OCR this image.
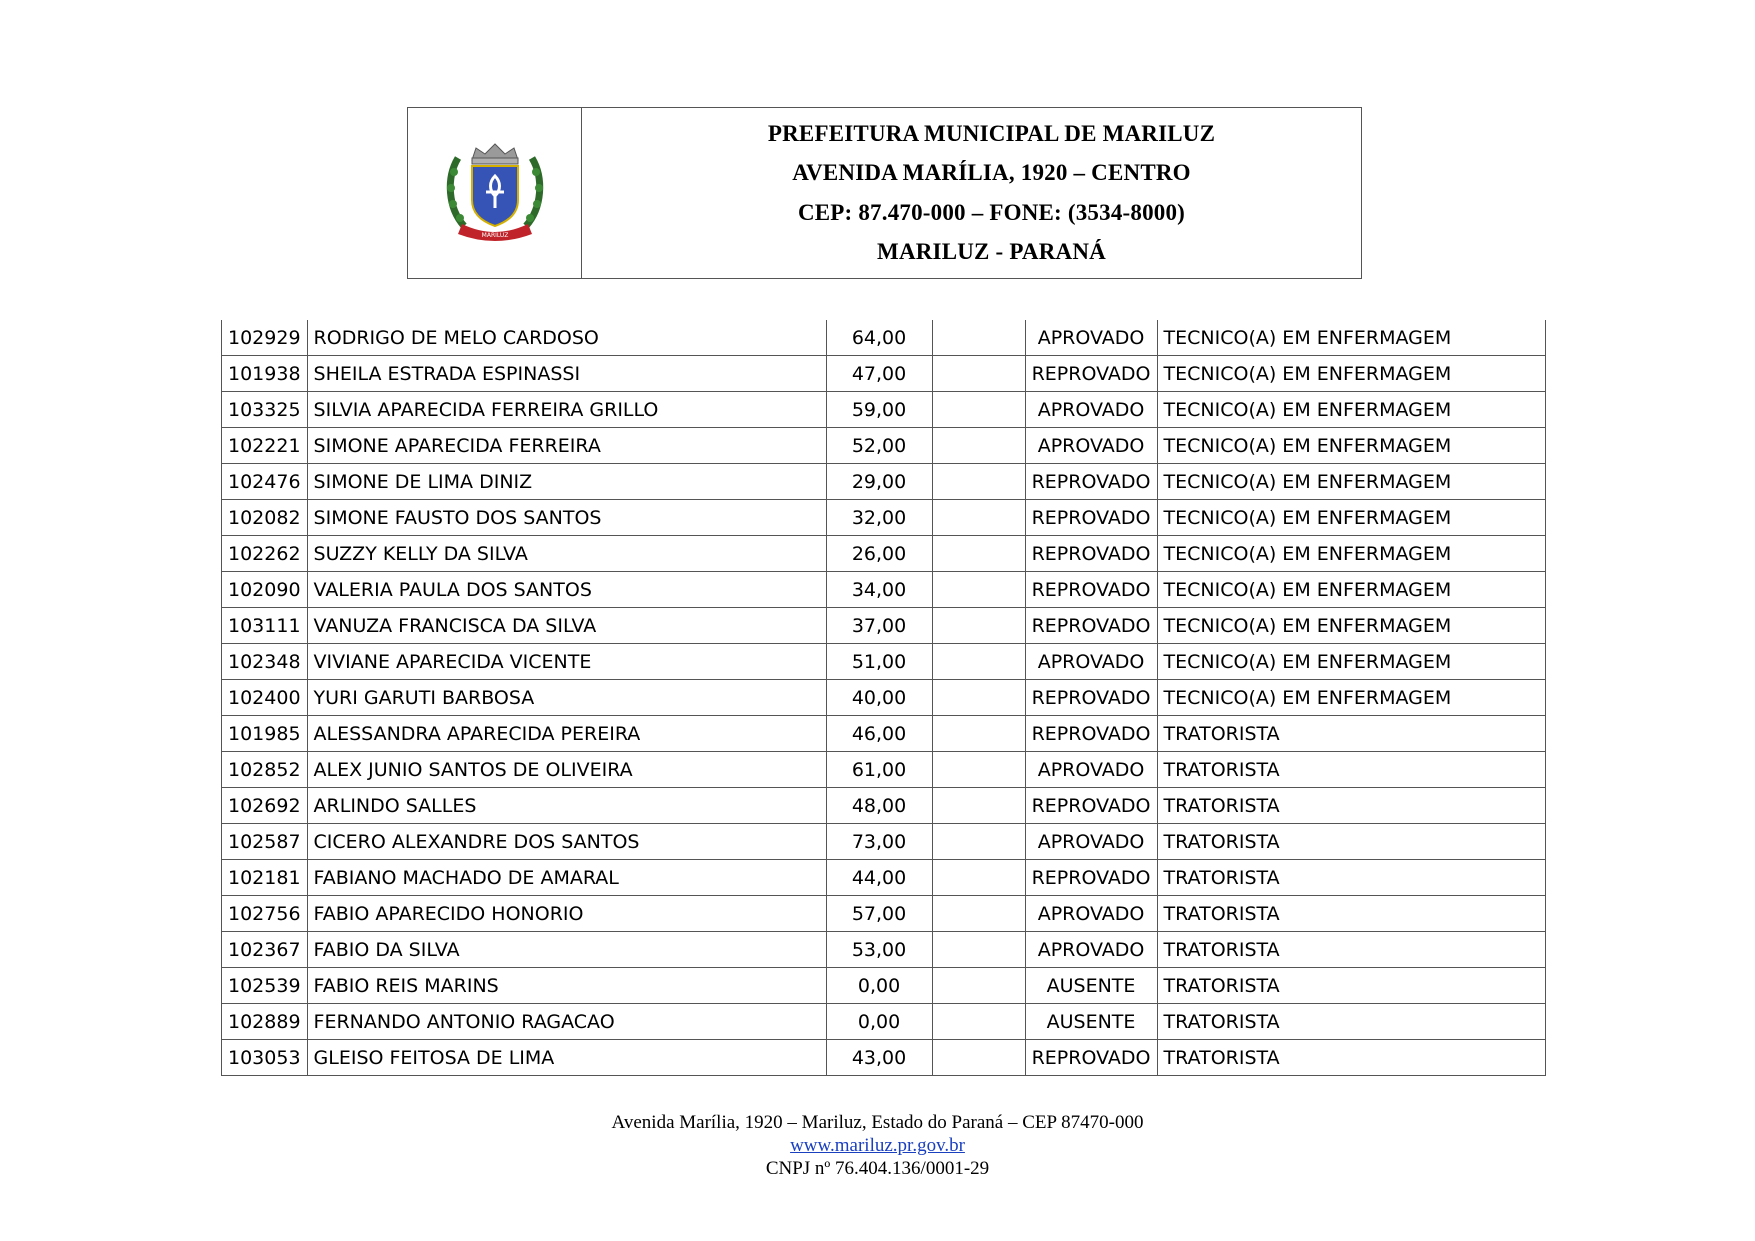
MARILUZ
PREFEITURA MUNICIPAL DE MARILUZ
AVENIDA MARÍLIA, 1920 – CENTRO
CEP: 87.470-000 – FONE: (3534-8000)
MARILUZ - PARANÁ
102929	RODRIGO DE MELO CARDOSO	64,00		APROVADO	TECNICO(A) EM ENFERMAGEM
101938	SHEILA ESTRADA ESPINASSI	47,00		REPROVADO	TECNICO(A) EM ENFERMAGEM
103325	SILVIA APARECIDA FERREIRA GRILLO	59,00		APROVADO	TECNICO(A) EM ENFERMAGEM
102221	SIMONE APARECIDA FERREIRA	52,00		APROVADO	TECNICO(A) EM ENFERMAGEM
102476	SIMONE DE LIMA DINIZ	29,00		REPROVADO	TECNICO(A) EM ENFERMAGEM
102082	SIMONE FAUSTO DOS SANTOS	32,00		REPROVADO	TECNICO(A) EM ENFERMAGEM
102262	SUZZY KELLY DA SILVA	26,00		REPROVADO	TECNICO(A) EM ENFERMAGEM
102090	VALERIA PAULA DOS SANTOS	34,00		REPROVADO	TECNICO(A) EM ENFERMAGEM
103111	VANUZA FRANCISCA DA SILVA	37,00		REPROVADO	TECNICO(A) EM ENFERMAGEM
102348	VIVIANE APARECIDA VICENTE	51,00		APROVADO	TECNICO(A) EM ENFERMAGEM
102400	YURI GARUTI BARBOSA	40,00		REPROVADO	TECNICO(A) EM ENFERMAGEM
101985	ALESSANDRA APARECIDA PEREIRA	46,00		REPROVADO	TRATORISTA
102852	ALEX JUNIO SANTOS DE OLIVEIRA	61,00		APROVADO	TRATORISTA
102692	ARLINDO SALLES	48,00		REPROVADO	TRATORISTA
102587	CICERO ALEXANDRE DOS SANTOS	73,00		APROVADO	TRATORISTA
102181	FABIANO MACHADO DE AMARAL	44,00		REPROVADO	TRATORISTA
102756	FABIO APARECIDO HONORIO	57,00		APROVADO	TRATORISTA
102367	FABIO DA SILVA	53,00		APROVADO	TRATORISTA
102539	FABIO REIS MARINS	0,00		AUSENTE	TRATORISTA
102889	FERNANDO ANTONIO RAGACAO	0,00		AUSENTE	TRATORISTA
103053	GLEISO FEITOSA DE LIMA	43,00		REPROVADO	TRATORISTA
Avenida Marília, 1920 – Mariluz, Estado do Paraná – CEP 87470-000
www.mariluz.pr.gov.br
CNPJ nº 76.404.136/0001-29
